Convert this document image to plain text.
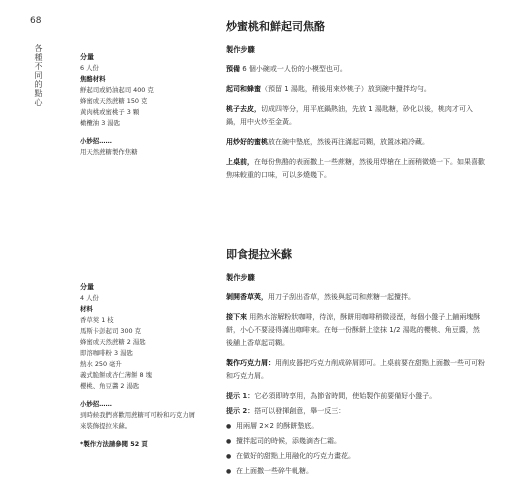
68
各種不同的點心	分量
6 人份
焦酪材料
鮮起司或奶油起司 400 克
蜂蜜或天然蔗糖 150 克
黃肉桃或蜜桃子 3 顆
橄欖油 3 湯匙
小妙招……
用天然蔗糖製作焦糖
炒蜜桃和鮮起司焦酪
製作步驟

預備 6 個小碗或一人份的小模型也可。

起司和蜂蜜（預留 1 湯匙，稍後用來炒桃子）放到碗中攪拌均勻。

桃子去皮，切成四等分，用平底鍋熱油，先放 1 湯匙糖，砂化以後，桃肉才可入鍋，用中火炒至金黃。

用炒好的蜜桃放在碗中墊底，然後再注滿起司糊，放置冰箱冷藏。

上桌前，在每份焦酪的表面撒上一些蔗糖，然後用焊槍在上面稍微燒一下。如果喜歡焦味較重的口味，可以多燒幾下。

分量
4 人份
材料
香草莢 1 枝
馬斯卡彭起司 300 克
蜂蜜或天然蔗糖 2 湯匙
即溶咖啡粉 3 湯匙
熱水 250 毫升
義式脆餅或杏仁薄餅 8 塊
櫻桃、角豆醬 2 湯匙
小妙招……
到時候我們喜歡用蔗糖可可粉和巧克力屑來裝飾提拉米蘇。
*製作方法請參閱 52 頁
即食提拉米蘇
製作步驟

剝開香草莢，用刀子刮出香草，然後與起司和蔗糖一起攪拌。

接下來 用熱水溶解粉狀咖啡，待涼，酥餅用咖啡稍微浸溼，每個小盤子上鋪兩塊酥餅，小心不要浸得滿出咖啡來。在每一份酥餅上塗抹 1/2 湯匙的櫻桃、角豆醬，然後舖上香草起司糊。

製作巧克力屑：用削皮器把巧克力削成碎屑即可。上桌前要在甜點上面撒一些可可粉和巧克力屑。

提示 1：它必須即時享用，為節省時間，使始製作前要備好小盤子。

提示 2：搭可以發揮創意，舉一反三：

● 用兩層 2×2 的酥餅墊底。
● 攪拌起司的時候，添幾滴杏仁霜。
● 在做好的甜點上用融化的巧克力畫花。
● 在上面撒一些碎牛軋糖。
